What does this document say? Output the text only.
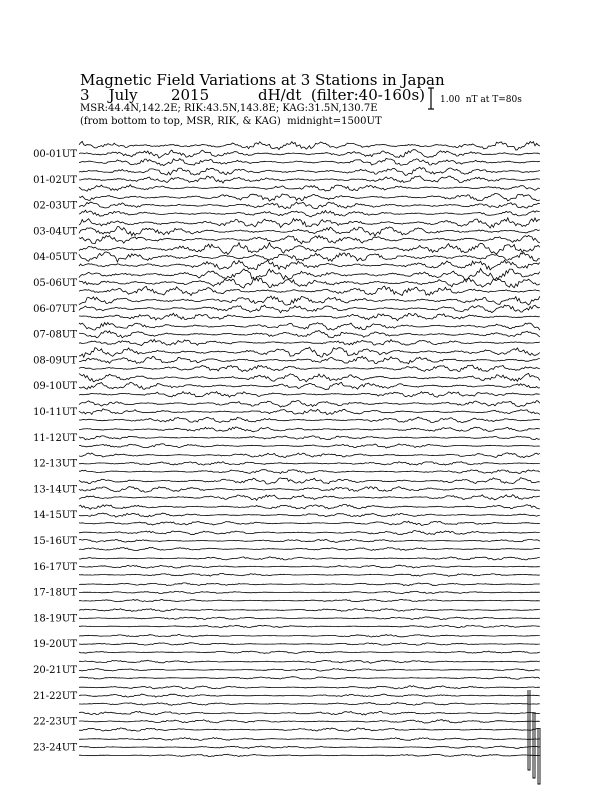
Magnetic Field Variations at 3 Stations in Japan
3    July       2015	dH/dt  (filter:40-160s)
MSR:44.4N,142.2E; RIK:43.5N,143.8E; KAG:31.5N,130.7E
(from bottom to top, MSR, RIK, & KAG)  midnight=1500UT
1.00  nT at T=80s
00-01UT
01-02UT
02-03UT
03-04UT
04-05UT
05-06UT
06-07UT
07-08UT
08-09UT
09-10UT
10-11UT
11-12UT
12-13UT
13-14UT
14-15UT
15-16UT
16-17UT
17-18UT
18-19UT
19-20UT
20-21UT
21-22UT
22-23UT
23-24UT
